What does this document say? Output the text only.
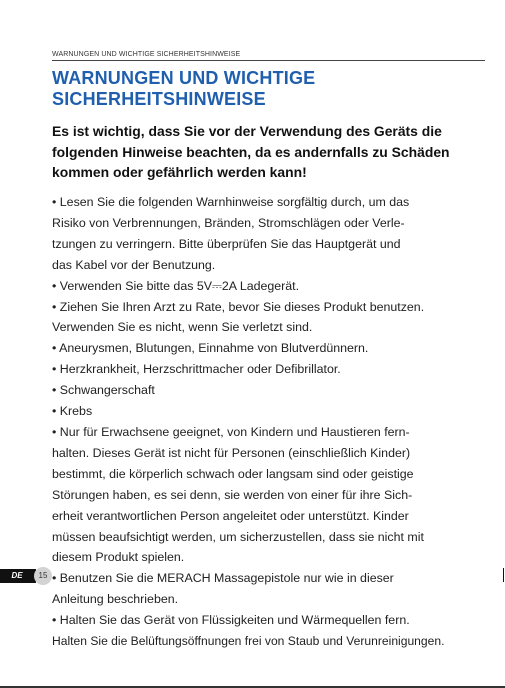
WARNUNGEN UND WICHTIGE SICHERHEITSHINWEISE
WARNUNGEN UND WICHTIGE
SICHERHEITSHINWEISE

Es ist wichtig, dass Sie vor der Verwendung des Geräts die
folgenden Hinweise beachten, da es andernfalls zu Schäden
kommen oder gefährlich werden kann!

• Lesen Sie die folgenden Warnhinweise sorgfältig durch, um das
Risiko von Verbrennungen, Bränden, Stromschlägen oder Verle-
tzungen zu verringern. Bitte überprüfen Sie das Hauptgerät und
das Kabel vor der Benutzung.
• Verwenden Sie bitte das 5V⎓2A Ladegerät.
• Ziehen Sie Ihren Arzt zu Rate, bevor Sie dieses Produkt benutzen.
Verwenden Sie es nicht, wenn Sie verletzt sind.
• Aneurysmen, Blutungen, Einnahme von Blutverdünnern.
• Herzkrankheit, Herzschrittmacher oder Defibrillator.
• Schwangerschaft
• Krebs
• Nur für Erwachsene geeignet, von Kindern und Haustieren fern-
halten. Dieses Gerät ist nicht für Personen (einschließlich Kinder)
bestimmt, die körperlich schwach oder langsam sind oder geistige
Störungen haben, es sei denn, sie werden von einer für ihre Sich-
erheit verantwortlichen Person angeleitet oder unterstützt. Kinder
müssen beaufsichtigt werden, um sicherzustellen, dass sie nicht mit
diesem Produkt spielen.
• Benutzen Sie die MERACH Massagepistole nur wie in dieser
Anleitung beschrieben.
• Halten Sie das Gerät von Flüssigkeiten und Wärmequellen fern.
Halten Sie die Belüftungsöffnungen frei von Staub und Verunreinigungen.
DE	15
